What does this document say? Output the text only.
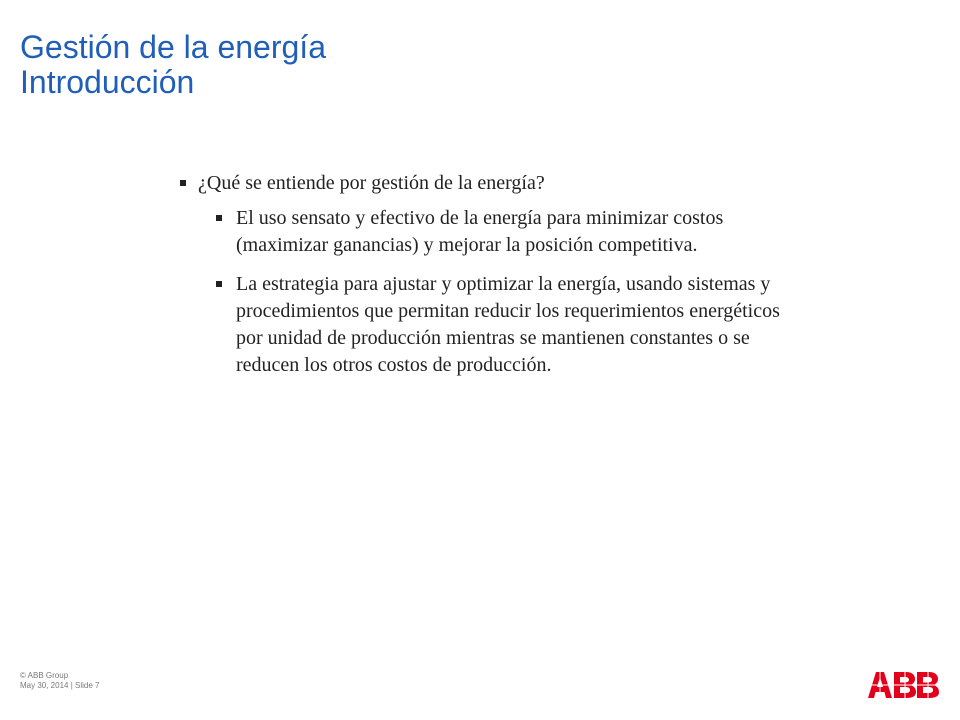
Gestión de la energía
Introducción
¿Qué se entiende por gestión de la energía?
El uso sensato y efectivo de la energía para minimizar costos (maximizar ganancias) y mejorar la posición competitiva.
La estrategia para ajustar y optimizar la energía, usando sistemas y procedimientos que permitan reducir los requerimientos energéticos por unidad de producción mientras se mantienen constantes o se reducen los otros costos de producción.
© ABB Group
May 30, 2014 | Slide 7
